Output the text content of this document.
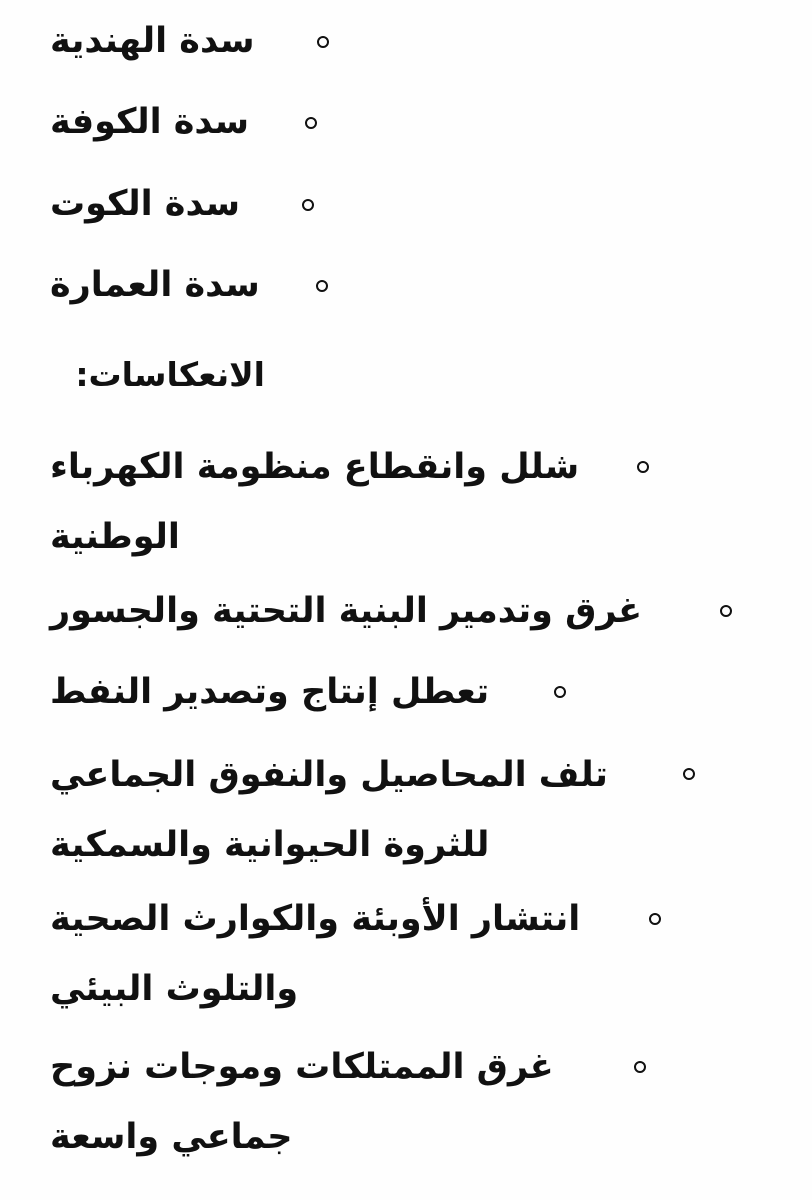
سدة الهندية
سدة الكوفة
سدة الكوت
سدة العمارة
الانعكاسات:
شلل وانقطاع منظومة الكهرباء الوطنية
غرق وتدمير البنية التحتية والجسور
تعطل إنتاج وتصدير النفط
تلف المحاصيل والنفوق الجماعي للثروة الحيوانية والسمكية
انتشار الأوبئة والكوارث الصحية والتلوث البيئي
غرق الممتلكات وموجات نزوح جماعي واسعة
